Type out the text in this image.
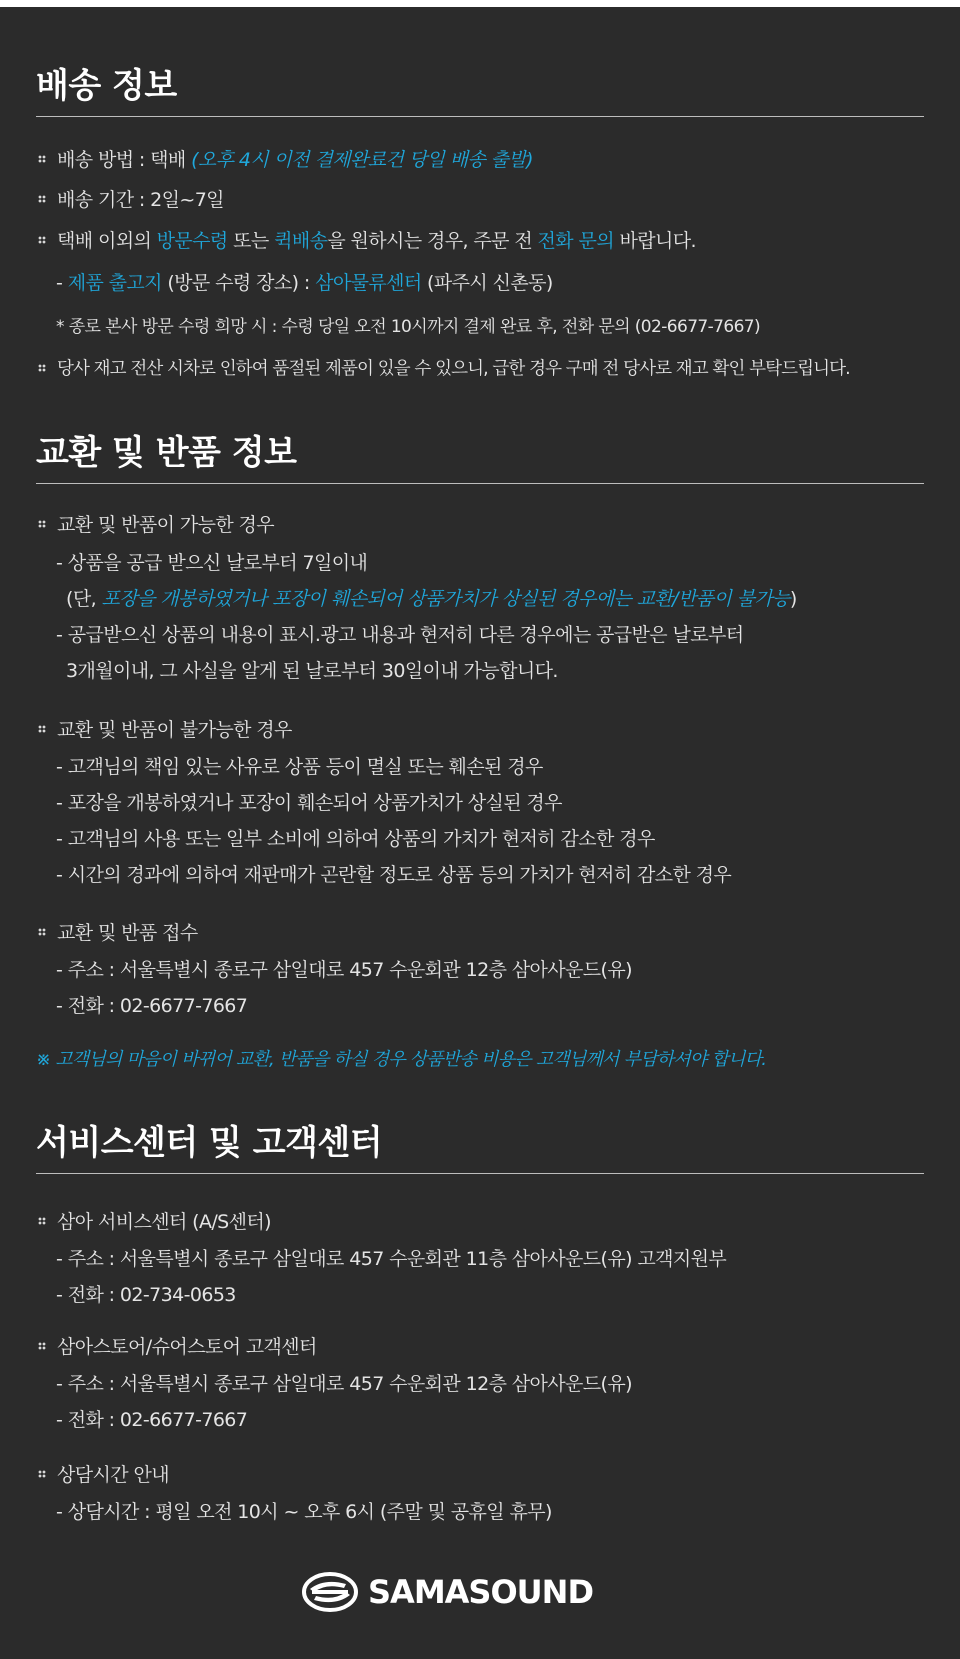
배송 정보
배송 방법 : 택배 (오후 4시 이전 결제완료건 당일 배송 출발)
배송 기간 : 2일~7일
택배 이외의 방문수령 또는 퀵배송을 원하시는 경우, 주문 전 전화 문의 바랍니다.
- 제품 출고지 (방문 수령 장소) : 삼아물류센터 (파주시 신촌동)
* 종로 본사 방문 수령 희망 시 : 수령 당일 오전 10시까지 결제 완료 후, 전화 문의 (02-6677-7667)
당사 재고 전산 시차로 인하여 품절된 제품이 있을 수 있으니, 급한 경우 구매 전 당사로 재고 확인 부탁드립니다.
교환 및 반품 정보
교환 및 반품이 가능한 경우
- 상품을 공급 받으신 날로부터 7일이내
(단, 포장을 개봉하였거나 포장이 훼손되어 상품가치가 상실된 경우에는 교환/반품이 불가능)
- 공급받으신 상품의 내용이 표시.광고 내용과 현저히 다른 경우에는 공급받은 날로부터
3개월이내, 그 사실을 알게 된 날로부터 30일이내 가능합니다.
교환 및 반품이 불가능한 경우
- 고객님의 책임 있는 사유로 상품 등이 멸실 또는 훼손된 경우
- 포장을 개봉하였거나 포장이 훼손되어 상품가치가 상실된 경우
- 고객님의 사용 또는 일부 소비에 의하여 상품의 가치가 현저히 감소한 경우
- 시간의 경과에 의하여 재판매가 곤란할 정도로 상품 등의 가치가 현저히 감소한 경우
교환 및 반품 접수
- 주소 : 서울특별시 종로구 삼일대로 457 수운회관 12층 삼아사운드(유)
- 전화 : 02-6677-7667
※ 고객님의 마음이 바뀌어 교환, 반품을 하실 경우 상품반송 비용은 고객님께서 부담하셔야 합니다.
서비스센터 및 고객센터
삼아 서비스센터 (A/S센터)
- 주소 : 서울특별시 종로구 삼일대로 457 수운회관 11층 삼아사운드(유) 고객지원부
- 전화 : 02-734-0653
삼아스토어/슈어스토어 고객센터
- 주소 : 서울특별시 종로구 삼일대로 457 수운회관 12층 삼아사운드(유)
- 전화 : 02-6677-7667
상담시간 안내
- 상담시간 : 평일 오전 10시 ~ 오후 6시 (주말 및 공휴일 휴무)
SAMASOUND
